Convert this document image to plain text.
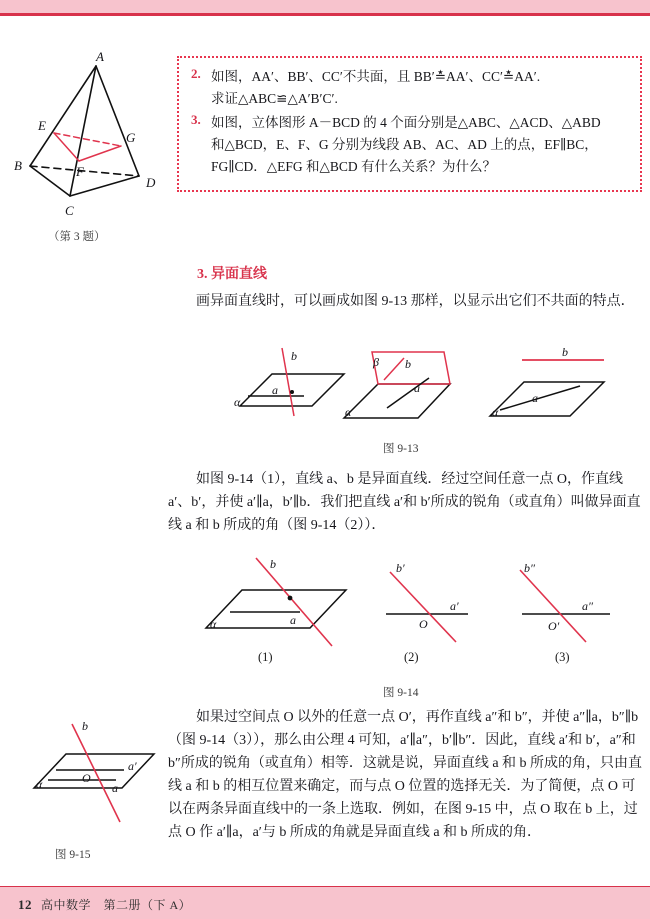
A
B
C
D
E
F
G
（第 3 题）
2. 如图，AA′、BB′、CC′不共面，且 BB′≛AA′、CC′≛AA′.
求证△ABC≌△A′B′C′.
3. 如图，立体图形 A－BCD 的 4 个面分别是△ABC、△ACD、△ABD
和△BCD，E、F、G 分别为线段 AB、AC、AD 上的点，EF∥BC，
FG∥CD．△EFG 和△BCD 有什么关系？为什么？
3. 异面直线
画异面直线时，可以画成如图 9-13 那样，以显示出它们不共面的特点．
α
a
b
α
β b
a
α
a
b
图 9-13
如图 9-14（1），直线 a、b 是异面直线．经过空间任意一点 O，作直线 a′、b′，并使 a′∥a，b′∥b．我们把直线 a′和 b′所成的锐角（或直角）叫做异面直线 a 和 b 所成的角（图 9-14（2））．
α	a
b	b′
a′
O
b″
a″
O′
(1)	(2)	(3)
图 9-14
α
b
O
a′
a
图 9-15
如果过空间点 O 以外的任意一点 O′，再作直线 a″和 b″，并使 a″∥a，b″∥b（图 9-14（3）），那么由公理 4 可知，a′∥a″，b′∥b″．因此，直线 a′和 b′，a″和 b″所成的锐角（或直角）相等．这就是说，异面直线 a 和 b 所成的角，只由直线 a 和 b 的相互位置来确定，而与点 O 位置的选择无关．为了简便，点 O 可以在两条异面直线中的一条上选取．例如，在图 9-15 中，点 O 取在 b 上，过点 O 作 a′∥a，a′与 b 所成的角就是异面直线 a 和 b 所成的角．
12 高中数学　第二册（下 A）
